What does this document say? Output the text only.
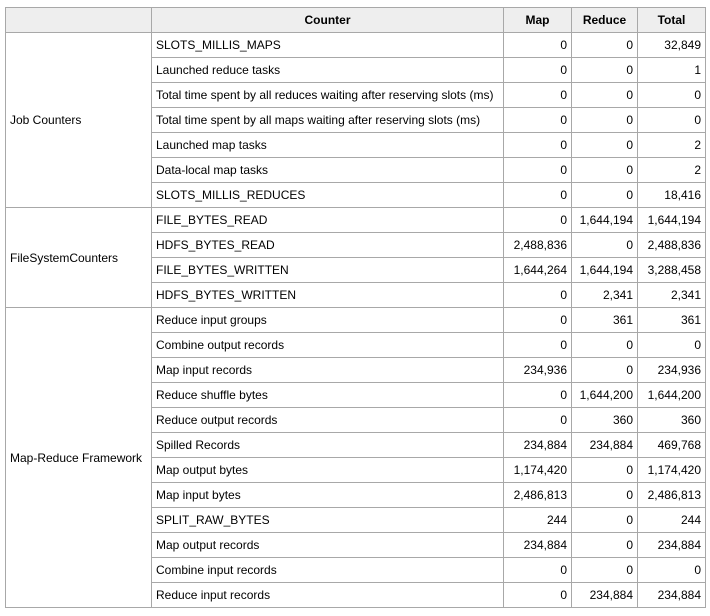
	Counter	Map	Reduce	Total
Job Counters	SLOTS_MILLIS_MAPS	0	0	32,849
	Launched reduce tasks	0	0	1
	Total time spent by all reduces waiting after reserving slots (ms)	0	0	0
	Total time spent by all maps waiting after reserving slots (ms)	0	0	0
	Launched map tasks	0	0	2
	Data-local map tasks	0	0	2
	SLOTS_MILLIS_REDUCES	0	0	18,416
FileSystemCounters	FILE_BYTES_READ	0	1,644,194	1,644,194
	HDFS_BYTES_READ	2,488,836	0	2,488,836
	FILE_BYTES_WRITTEN	1,644,264	1,644,194	3,288,458
	HDFS_BYTES_WRITTEN	0	2,341	2,341
Map-Reduce Framework	Reduce input groups	0	361	361
	Combine output records	0	0	0
	Map input records	234,936	0	234,936
	Reduce shuffle bytes	0	1,644,200	1,644,200
	Reduce output records	0	360	360
	Spilled Records	234,884	234,884	469,768
	Map output bytes	1,174,420	0	1,174,420
	Map input bytes	2,486,813	0	2,486,813
	SPLIT_RAW_BYTES	244	0	244
	Map output records	234,884	0	234,884
	Combine input records	0	0	0
	Reduce input records	0	234,884	234,884
